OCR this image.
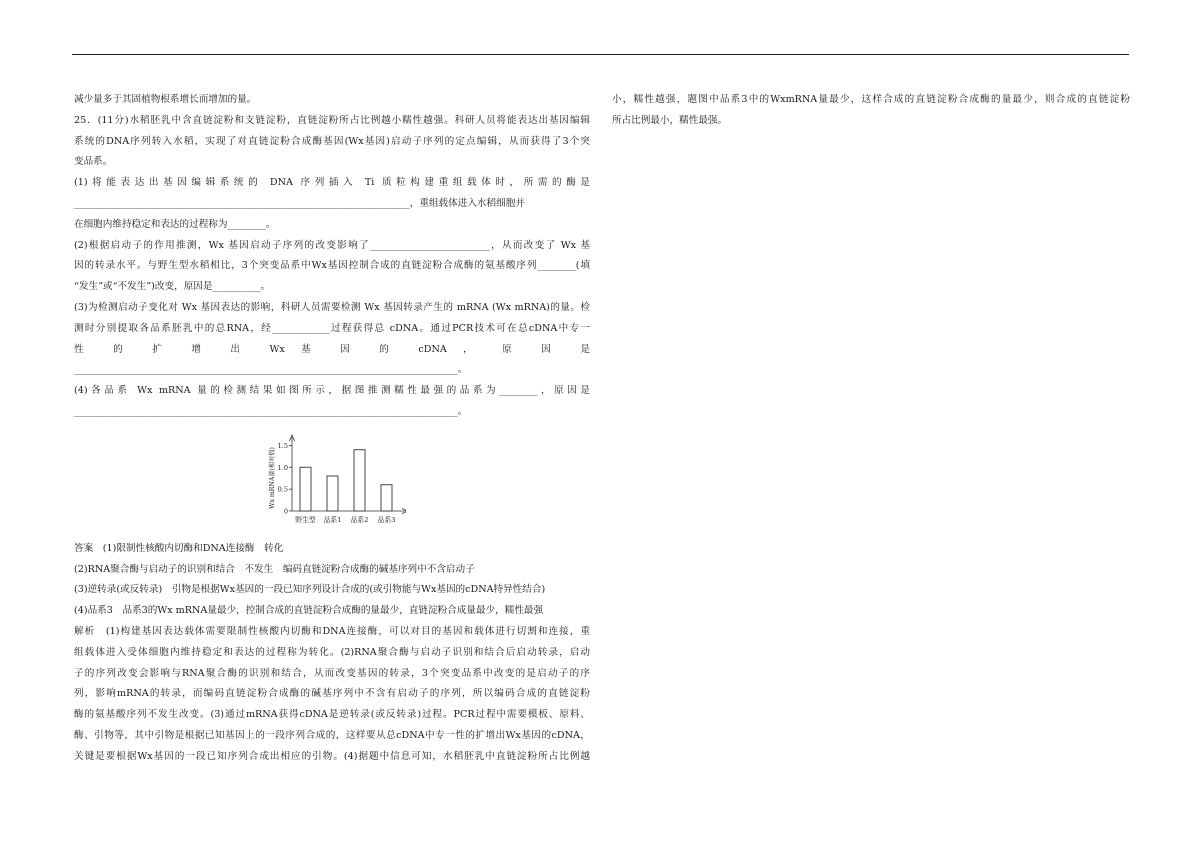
减少量多于其固植物根系增长而增加的量。
25．(11分)水稻胚乳中含直链淀粉和支链淀粉，直链淀粉所占比例越小糯性越强。科研人员将能表达出基因编辑
系统的DNA序列转入水稻，实现了对直链淀粉合成酶基因(Wx基因)启动子序列的定点编辑，从而获得了3个突
变品系。
(1)将能表达出基因编辑系统的 DNA 序列插入 Ti 质粒构建重组载体时，所需的酶是
______________________________________________________________________，重组载体进入水稻细胞并
在细胞内维持稳定和表达的过程称为________。
(2)根据启动子的作用推测，Wx 基因启动子序列的改变影响了_________________________，从而改变了 Wx 基
因的转录水平。与野生型水稻相比，3个突变品系中Wx基因控制合成的直链淀粉合成酶的氨基酸序列________(填
“发生”或“不发生”)改变，原因是__________。
(3)为检测启动子变化对 Wx 基因表达的影响，科研人员需要检测 Wx 基因转录产生的 mRNA (Wx mRNA)的量。检
测时分别提取各品系胚乳中的总RNA，经____________过程获得总 cDNA。通过PCR技术可在总cDNA中专一
性 的 扩 增 出 Wx 基 因 的 cDNA ， 原 因 是
________________________________________________________________________________。
(4)各品系 Wx mRNA 量的检测结果如图所示，据图推测糯性最强的品系为________，原因是
________________________________________________________________________________。
0
0.5
1.0
1.5
Wx mRNA量(相对值)
野生型 品系1 品系2 品系3
答案　(1)限制性核酸内切酶和DNA连接酶　转化
(2)RNA聚合酶与启动子的识别和结合　不发生　编码直链淀粉合成酶的碱基序列中不含启动子
(3)逆转录(或反转录)　引物是根据Wx基因的一段已知序列设计合成的(或引物能与Wx基因的cDNA特异性结合)
(4)品系3　品系3的Wx mRNA量最少，控制合成的直链淀粉合成酶的量最少，直链淀粉合成量最少，糯性最强
解析　(1)构建基因表达载体需要限制性核酸内切酶和DNA连接酶，可以对目的基因和载体进行切割和连接，重
组载体进入受体细胞内维持稳定和表达的过程称为转化。(2)RNA聚合酶与启动子识别和结合后启动转录，启动
子的序列改变会影响与RNA聚合酶的识别和结合，从而改变基因的转录，3个突变品系中改变的是启动子的序
列，影响mRNA的转录，而编码直链淀粉合成酶的碱基序列中不含有启动子的序列，所以编码合成的直链淀粉
酶的氨基酸序列不发生改变。(3)通过mRNA获得cDNA是逆转录(或反转录)过程。PCR过程中需要模板、原料、
酶、引物等，其中引物是根据已知基因上的一段序列合成的，这样要从总cDNA中专一性的扩增出Wx基因的cDNA，
关键是要根据Wx基因的一段已知序列合成出相应的引物。(4)据题中信息可知，水稻胚乳中直链淀粉所占比例越
小，糯性越强，题图中品系3中的WxmRNA量最少，这样合成的直链淀粉合成酶的量最少，则合成的直链淀粉
所占比例最小，糯性最强。
